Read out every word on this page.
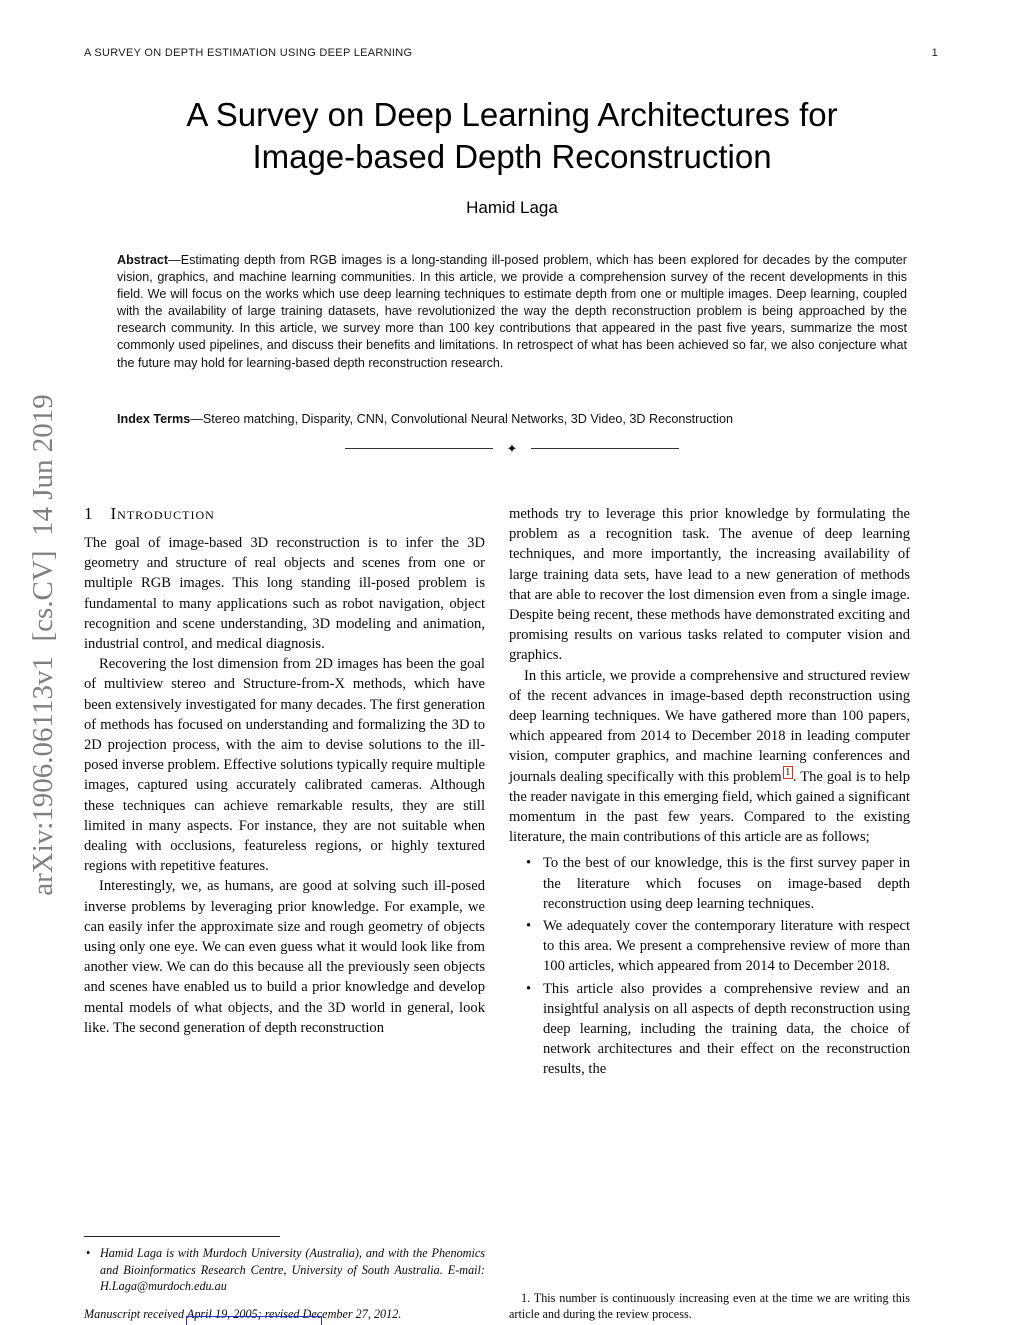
A SURVEY ON DEPTH ESTIMATION USING DEEP LEARNING	1
arXiv:1906.06113v1  [cs.CV]  14 Jun 2019
A Survey on Deep Learning Architectures for
Image-based Depth Reconstruction
Hamid Laga

Abstract—Estimating depth from RGB images is a long-standing ill-posed problem, which has been explored for decades by the computer vision, graphics, and machine learning communities. In this article, we provide a comprehension survey of the recent developments in this field. We will focus on the works which use deep learning techniques to estimate depth from one or multiple images. Deep learning, coupled with the availability of large training datasets, have revolutionized the way the depth reconstruction problem is being approached by the research community. In this article, we survey more than 100 key contributions that appeared in the past five years, summarize the most commonly used pipelines, and discuss their benefits and limitations. In retrospect of what has been achieved so far, we also conjecture what the future may hold for learning-based depth reconstruction research.

Index Terms—Stereo matching, Disparity, CNN, Convolutional Neural Networks, 3D Video, 3D Reconstruction

✦
1 Introduction

The goal of image-based 3D reconstruction is to infer the 3D geometry and structure of real objects and scenes from one or multiple RGB images. This long standing ill-posed problem is fundamental to many applications such as robot navigation, object recognition and scene understanding, 3D modeling and animation, industrial control, and medical diagnosis.

Recovering the lost dimension from 2D images has been the goal of multiview stereo and Structure-from-X methods, which have been extensively investigated for many decades. The first generation of methods has focused on understanding and formalizing the 3D to 2D projection process, with the aim to devise solutions to the ill-posed inverse problem. Effective solutions typically require multiple images, captured using accurately calibrated cameras. Although these techniques can achieve remarkable results, they are still limited in many aspects. For instance, they are not suitable when dealing with occlusions, featureless regions, or highly textured regions with repetitive features.

Interestingly, we, as humans, are good at solving such ill-posed inverse problems by leveraging prior knowledge. For example, we can easily infer the approximate size and rough geometry of objects using only one eye. We can even guess what it would look like from another view. We can do this because all the previously seen objects and scenes have enabled us to build a prior knowledge and develop mental models of what objects, and the 3D world in general, look like. The second generation of depth reconstruction

• Hamid Laga is with Murdoch University (Australia), and with the Phenomics and Bioinformatics Research Centre, University of South Australia. E-mail: H.Laga@murdoch.edu.au
Manuscript received April 19, 2005; revised December 27, 2012.

methods try to leverage this prior knowledge by formulating the problem as a recognition task. The avenue of deep learning techniques, and more importantly, the increasing availability of large training data sets, have lead to a new generation of methods that are able to recover the lost dimension even from a single image. Despite being recent, these methods have demonstrated exciting and promising results on various tasks related to computer vision and graphics.

In this article, we provide a comprehensive and structured review of the recent advances in image-based depth reconstruction using deep learning techniques. We have gathered more than 100 papers, which appeared from 2014 to December 2018 in leading computer vision, computer graphics, and machine learning conferences and journals dealing specifically with this problem $^1$ . The goal is to help the reader navigate in this emerging field, which gained a significant momentum in the past few years. Compared to the existing literature, the main contributions of this article are as follows;

• To the best of our knowledge, this is the first survey paper in the literature which focuses on image-based depth reconstruction using deep learning techniques.
• We adequately cover the contemporary literature with respect to this area. We present a comprehensive review of more than 100 articles, which appeared from 2014 to December 2018.
• This article also provides a comprehensive review and an insightful analysis on all aspects of depth reconstruction using deep learning, including the training data, the choice of network architectures and their effect on the reconstruction results, the
1. This number is continuously increasing even at the time we are writing this article and during the review process.
